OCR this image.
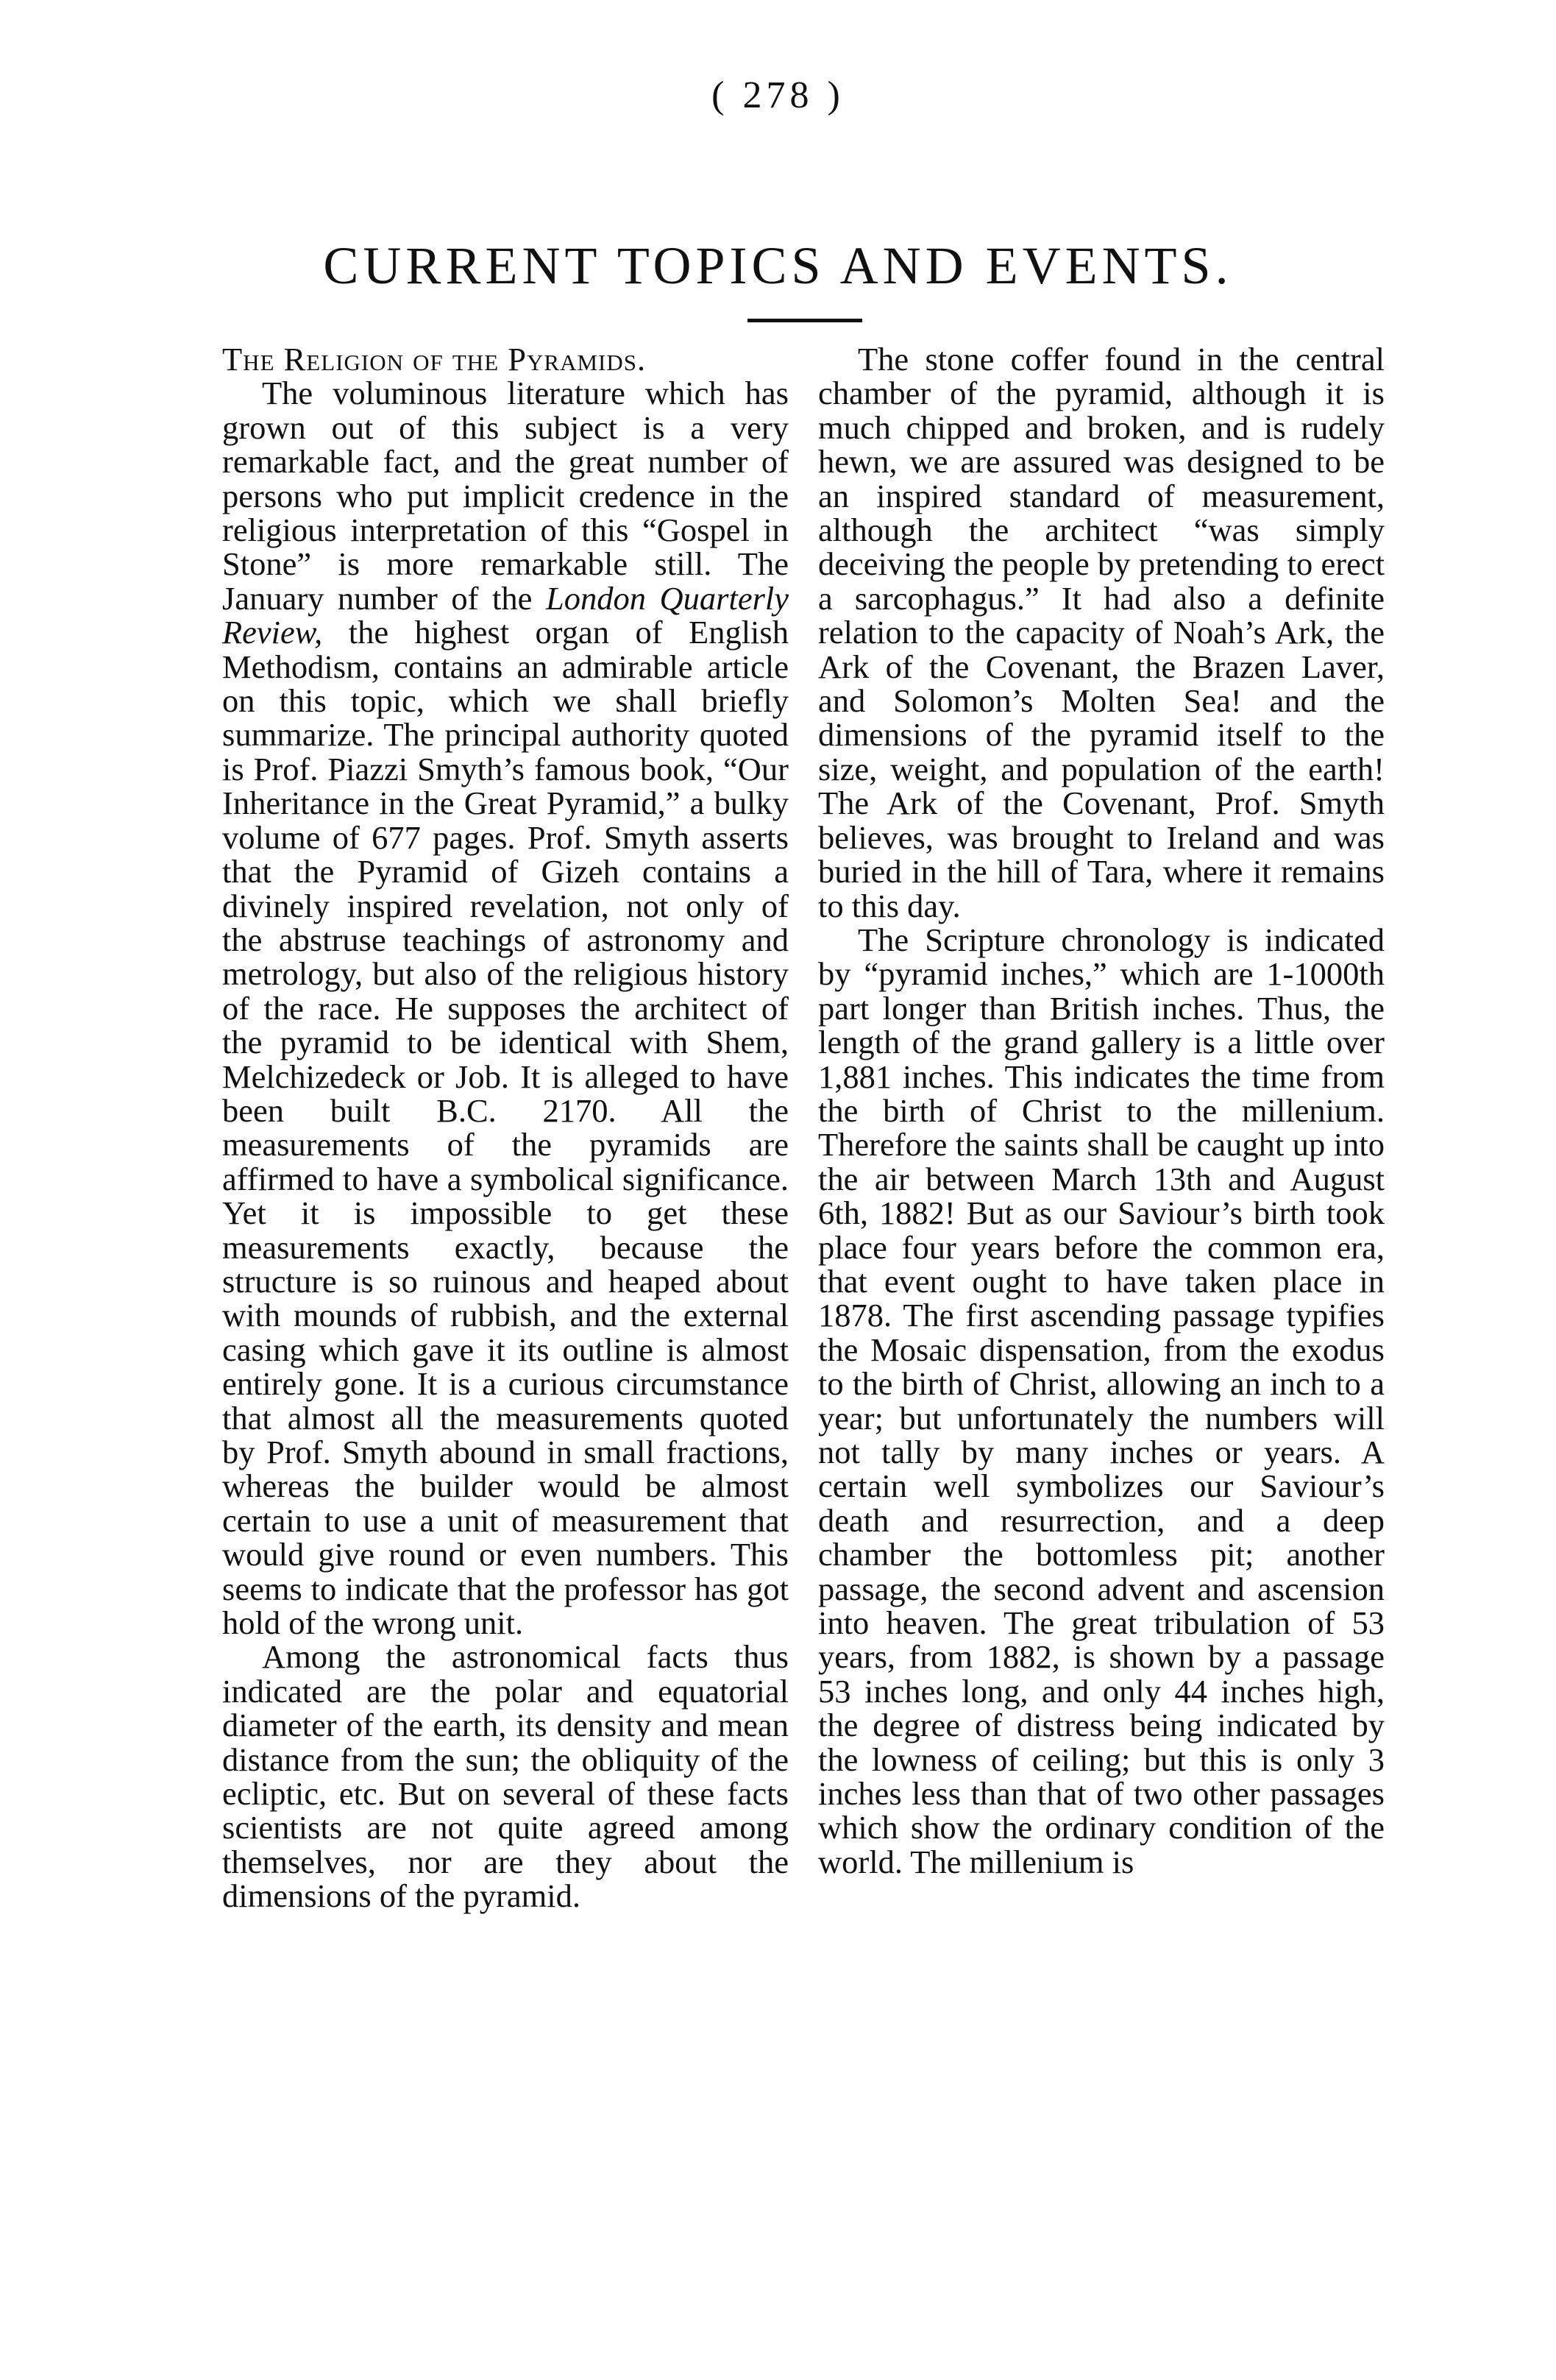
( 278 )
CURRENT TOPICS AND EVENTS.

The Religion of the Pyramids.

The voluminous literature which has grown out of this subject is a very remarkable fact, and the great number of persons who put implicit credence in the religious interpretation of this “Gospel in Stone” is more remarkable still. The January number of the London Quarterly Review, the highest organ of English Methodism, contains an admirable article on this topic, which we shall briefly summarize. The principal authority quoted is Prof. Piazzi Smyth’s famous book, “Our Inheritance in the Great Pyramid,” a bulky volume of 677 pages. Prof. Smyth asserts that the Pyramid of Gizeh contains a divinely inspired revelation, not only of the abstruse teachings of astronomy and metrology, but also of the religious history of the race. He supposes the architect of the pyramid to be identical with Shem, Melchizedeck or Job. It is alleged to have been built B.C. 2170. All the measurements of the pyramids are affirmed to have a symbolical significance. Yet it is impossible to get these measurements exactly, because the structure is so ruinous and heaped about with mounds of rubbish, and the external casing which gave it its outline is almost entirely gone. It is a curious circumstance that almost all the measurements quoted by Prof. Smyth abound in small fractions, whereas the builder would be almost certain to use a unit of measurement that would give round or even numbers. This seems to indicate that the professor has got hold of the wrong unit.

Among the astronomical facts thus indicated are the polar and equatorial diameter of the earth, its density and mean distance from the sun; the obliquity of the ecliptic, etc. But on several of these facts scientists are not quite agreed among themselves, nor are they about the dimensions of the pyramid.

The stone coffer found in the central chamber of the pyramid, although it is much chipped and broken, and is rudely hewn, we are assured was designed to be an inspired standard of measurement, although the architect “was simply deceiving the people by pretending to erect a sarcophagus.” It had also a definite relation to the capacity of Noah’s Ark, the Ark of the Covenant, the Brazen Laver, and Solomon’s Molten Sea! and the dimensions of the pyramid itself to the size, weight, and population of the earth! The Ark of the Covenant, Prof. Smyth believes, was brought to Ireland and was buried in the hill of Tara, where it remains to this day.

The Scripture chronology is indicated by “pyramid inches,” which are 1-1000th part longer than British inches. Thus, the length of the grand gallery is a little over 1,881 inches. This indicates the time from the birth of Christ to the millenium. Therefore the saints shall be caught up into the air between March 13th and August 6th, 1882! But as our Saviour’s birth took place four years before the common era, that event ought to have taken place in 1878. The first ascending passage typifies the Mosaic dispensation, from the exodus to the birth of Christ, allowing an inch to a year; but unfortunately the numbers will not tally by many inches or years. A certain well symbolizes our Saviour’s death and resurrection, and a deep chamber the bottomless pit; another passage, the second advent and ascension into heaven. The great tribulation of 53 years, from 1882, is shown by a passage 53 inches long, and only 44 inches high, the degree of distress being indicated by the lowness of ceiling; but this is only 3 inches less than that of two other passages which show the ordinary condition of the world. The millenium is
